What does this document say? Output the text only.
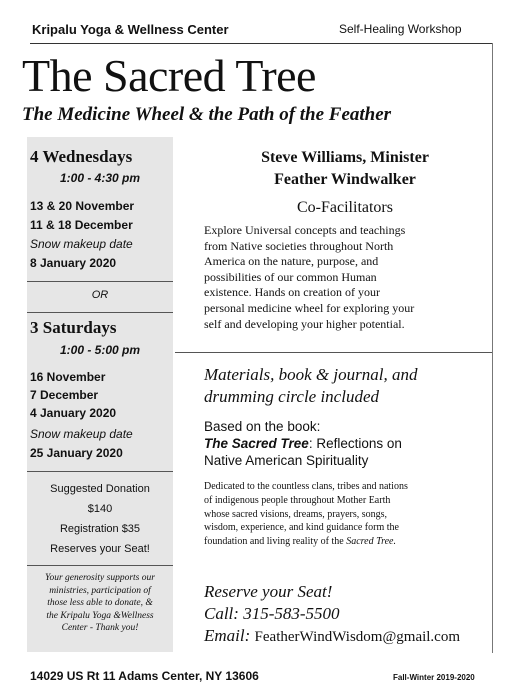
Kripalu Yoga & Wellness Center	Self-Healing Workshop
The Sacred Tree
The Medicine Wheel & the Path of the Feather
4 Wednesdays
1:00 - 4:30 pm
13 & 20 November
11 & 18 December
Snow makeup date
8 January 2020
OR
3 Saturdays
1:00 - 5:00 pm
16 November
7 December
4 January 2020
Snow makeup date
25 January 2020
Suggested Donation
$140
Registration $35
Reserves your Seat!
Your generosity supports our
ministries, participation of
those less able to donate, &
the Kripalu Yoga &Wellness
Center - Thank you!
Steve Williams, Minister
Feather Windwalker
Co-Facilitators
Explore Universal concepts and teachings
from Native societies throughout North
America on the nature, purpose, and
possibilities of our common Human
existence. Hands on creation of your
personal medicine wheel for exploring your
self and developing your higher potential.
Materials, book & journal, and
drumming circle included
Based on the book:
The Sacred Tree: Reflections on
Native American Spirituality
Dedicated to the countless clans, tribes and nations
of indigenous people throughout Mother Earth
whose sacred visions, dreams, prayers, songs,
wisdom, experience, and kind guidance form the
foundation and living reality of the Sacred Tree.
Reserve your Seat!
Call: 315-583-5500
Email: FeatherWindWisdom@gmail.com
14029 US Rt 11 Adams Center, NY 13606	Fall-Winter 2019-2020
